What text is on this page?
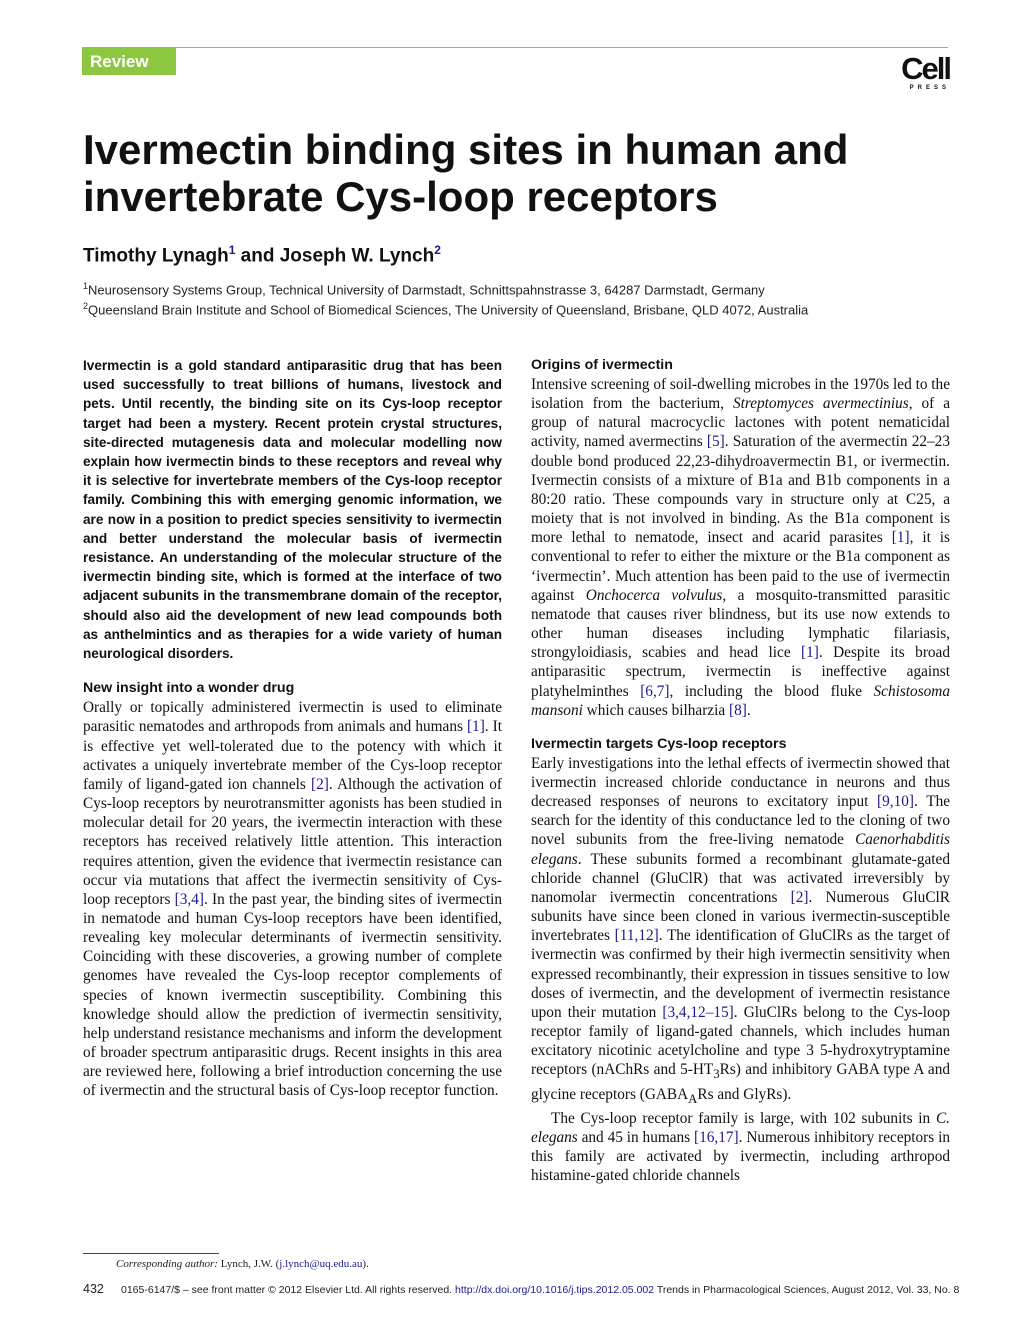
Review	Cell
PRESS
Ivermectin binding sites in human and invertebrate Cys-loop receptors

Timothy Lynagh$^1$ and Joseph W. Lynch$^2$

$^1$Neurosensory Systems Group, Technical University of Darmstadt, Schnittspahnstrasse 3, 64287 Darmstadt, Germany

$^2$Queensland Brain Institute and School of Biomedical Sciences, The University of Queensland, Brisbane, QLD 4072, Australia

Ivermectin is a gold standard antiparasitic drug that has been used successfully to treat billions of humans, livestock and pets. Until recently, the binding site on its Cys-loop receptor target had been a mystery. Recent protein crystal structures, site-directed mutagenesis data and molecular modelling now explain how ivermectin binds to these receptors and reveal why it is selective for invertebrate members of the Cys-loop receptor family. Combining this with emerging genomic information, we are now in a position to predict species sensitivity to ivermectin and better understand the molecular basis of ivermectin resistance. An understanding of the molecular structure of the ivermectin binding site, which is formed at the interface of two adjacent subunits in the transmembrane domain of the receptor, should also aid the development of new lead compounds both as anthelmintics and as therapies for a wide variety of human neurological disorders.

New insight into a wonder drug

Orally or topically administered ivermectin is used to eliminate parasitic nematodes and arthropods from animals and humans [1]. It is effective yet well-tolerated due to the potency with which it activates a uniquely invertebrate member of the Cys-loop receptor family of ligand-gated ion channels [2]. Although the activation of Cys-loop receptors by neurotransmitter agonists has been studied in molecular detail for 20 years, the ivermectin interaction with these receptors has received relatively little attention. This interaction requires attention, given the evidence that ivermectin resistance can occur via mutations that affect the ivermectin sensitivity of Cys-loop receptors [3,4]. In the past year, the binding sites of ivermectin in nematode and human Cys-loop receptors have been identified, revealing key molecular determinants of ivermectin sensitivity. Coinciding with these discoveries, a growing number of complete genomes have revealed the Cys-loop receptor complements of species of known ivermectin susceptibility. Combining this knowledge should allow the prediction of ivermectin sensitivity, help understand resistance mechanisms and inform the development of broader spectrum antiparasitic drugs. Recent insights in this area are reviewed here, following a brief introduction concerning the use of ivermectin and the structural basis of Cys-loop receptor function.

Origins of ivermectin

Intensive screening of soil-dwelling microbes in the 1970s led to the isolation from the bacterium, Streptomyces avermectinius, of a group of natural macrocyclic lactones with potent nematicidal activity, named avermectins [5]. Saturation of the avermectin 22–23 double bond produced 22,23-dihydroavermectin B1, or ivermectin. Ivermectin consists of a mixture of B1a and B1b components in a 80:20 ratio. These compounds vary in structure only at C25, a moiety that is not involved in binding. As the B1a component is more lethal to nematode, insect and acarid parasites [1], it is conventional to refer to either the mixture or the B1a component as ‘ivermectin’. Much attention has been paid to the use of ivermectin against Onchocerca volvulus, a mosquito-transmitted parasitic nematode that causes river blindness, but its use now extends to other human diseases including lymphatic filariasis, strongyloidiasis, scabies and head lice [1]. Despite its broad antiparasitic spectrum, ivermectin is ineffective against platyhelminthes [6,7], including the blood fluke Schistosoma mansoni which causes bilharzia [8].

Ivermectin targets Cys-loop receptors

Early investigations into the lethal effects of ivermectin showed that ivermectin increased chloride conductance in neurons and thus decreased responses of neurons to excitatory input [9,10]. The search for the identity of this conductance led to the cloning of two novel subunits from the free-living nematode Caenorhabditis elegans. These subunits formed a recombinant glutamate-gated chloride channel (GluClR) that was activated irreversibly by nanomolar ivermectin concentrations [2]. Numerous GluClR subunits have since been cloned in various ivermectin-susceptible invertebrates [11,12]. The identification of GluClRs as the target of ivermectin was confirmed by their high ivermectin sensitivity when expressed recombinantly, their expression in tissues sensitive to low doses of ivermectin, and the development of ivermectin resistance upon their mutation [3,4,12–15]. GluClRs belong to the Cys-loop receptor family of ligand-gated channels, which includes human excitatory nicotinic acetylcholine and type 3 5-hydroxytryptamine receptors (nAChRs and $5-HT_3Rs$) and inhibitory GABA type A and glycine receptors ($GABA_ARs$ and GlyRs).

The Cys-loop receptor family is large, with 102 subunits in C. elegans and 45 in humans [16,17]. Numerous inhibitory receptors in this family are activated by ivermectin, including arthropod histamine-gated chloride channels

Corresponding author: Lynch, J.W. (j.lynch@uq.edu.au).

432 0165-6147/$ – see front matter © 2012 Elsevier Ltd. All rights reserved. http://dx.doi.org/10.1016/j.tips.2012.05.002 Trends in Pharmacological Sciences, August 2012, Vol. 33, No. 8
